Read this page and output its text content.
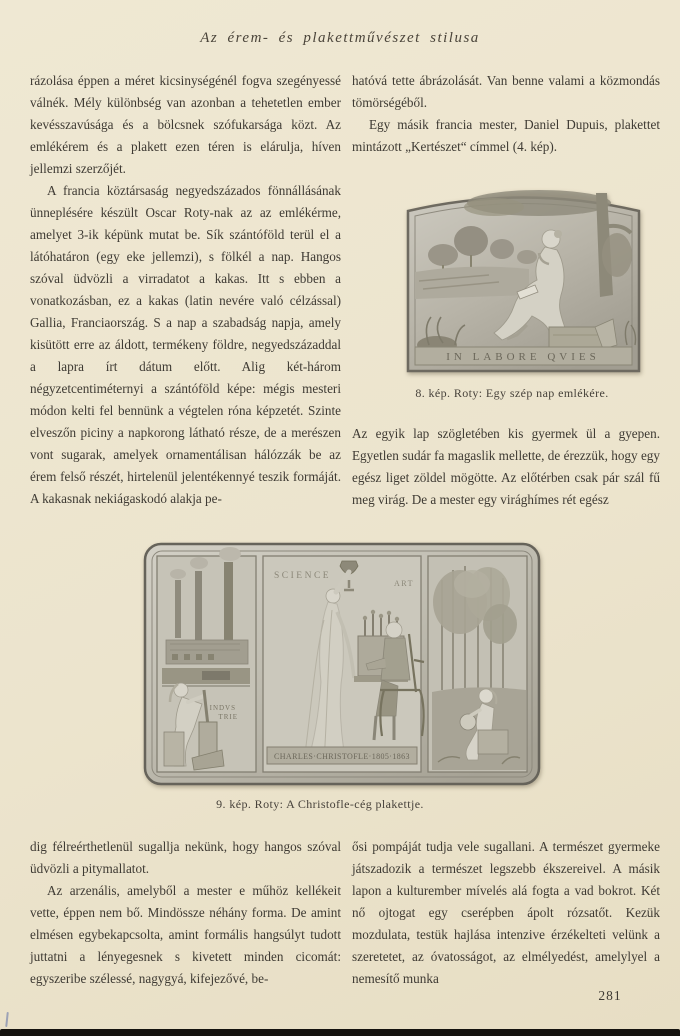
Az érem- és plakettművészet stilusa

rázolása éppen a méret kicsinységénél fogva szegényessé válnék. Mély különbség van azonban a tehetetlen ember kevésszavúsága és a bölcsnek szófukarsága közt. Az emlékérem és a plakett ezen téren is elárulja, híven jellemzi szerzőjét.

A francia köztársaság negyedszázados fönnállásának ünneplésére készült Oscar Roty-nak az az emlékérme, amelyet 3-ik képünk mutat be. Sík szántóföld terül el a látóhatáron (egy eke jellemzi), s fölkél a nap. Hangos szóval üdvözli a virradatot a kakas. Itt s ebben a vonatkozásban, ez a kakas (latin nevére való célzással) Gallia, Franciaország. S a nap a szabadság napja, amely kisütött erre az áldott, termékeny földre, negyedszázaddal a lapra írt dátum előtt. Alig két-három négyzetcentiméternyi a szántóföld képe: mégis mesteri módon kelti fel bennünk a végtelen róna képzetét. Szinte elveszőn piciny a napkorong látható része, de a merészen vont sugarak, amelyek ornamentálisan hálózzák be az érem felső részét, hirtelenül jelentékennyé teszik formáját. A kakasnak nekiágaskodó alakja pe-

hatóvá tette ábrázolását. Van benne valami a közmondás tömörségéből.

Egy másik francia mester, Daniel Dupuis, plakettet mintázott „Kertészet“ címmel (4. kép).

IN LABORE QVIES
8. kép. Roty: Egy szép nap emlékére.

Az egyik lap szögletében kis gyermek ül a gyepen. Egyetlen sudár fa magaslik mellette, de érezzük, hogy egy egész liget zöldel mögötte. Az előtérben csak pár szál fű meg virág. De a mester egy virághímes rét egész

INDVS
TRIE
SCIENCE
ART
CHARLES·CHRISTOFLE·1805·1863
9. kép. Roty: A Christofle-cég plakettje.

dig félreérthetlenül sugallja nekünk, hogy hangos szóval üdvözli a pitymallatot.

Az arzenális, amelyből a mester e műhöz kellékeit vette, éppen nem bő. Mindössze néhány forma. De amint elmésen egybekapcsolta, amint formális hangsúlyt tudott juttatni a lényegesnek s kivetett minden cicomát: egyszeribe szélessé, nagygyá, kifejezővé, be-

ősi pompáját tudja vele sugallani. A természet gyermeke játszadozik a természet legszebb ékszereivel. A másik lapon a kulturember mívelés alá fogta a vad bokrot. Két nő ojtogat egy cserépben ápolt rózsatőt. Kezük mozdulata, testük hajlása intenzive érzékelteti velünk a szeretetet, az óvatosságot, az elmélyedést, amelylyel a nemesítő munka

281
